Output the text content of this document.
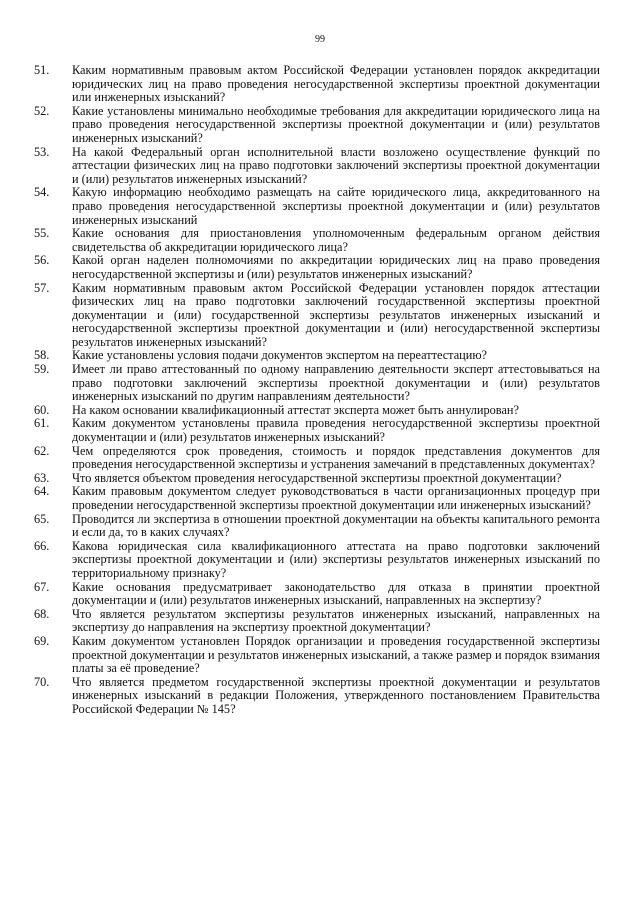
99
51.	Каким нормативным правовым актом Российской Федерации установлен порядок аккредитации юридических лиц на право проведения негосударственной экспертизы проектной документации или инженерных изысканий?
52.	Какие установлены минимально необходимые требования для аккредитации юридического лица на право проведения негосударственной экспертизы проектной документации и (или) результатов инженерных изысканий?
53.	На какой Федеральный орган исполнительной власти возложено осуществление функций по аттестации физических лиц на право подготовки заключений экспертизы проектной документации и (или) результатов инженерных изысканий?
54.	Какую информацию необходимо размещать на сайте юридического лица, аккредитованного на право проведения негосударственной экспертизы проектной документации и (или) результатов инженерных изысканий
55.	Какие основания для приостановления уполномоченным федеральным органом действия свидетельства об аккредитации юридического лица?
56.	Какой орган наделен полномочиями по аккредитации юридических лиц на право проведения негосударственной экспертизы и (или) результатов инженерных изысканий?
57.	Каким нормативным правовым актом Российской Федерации установлен порядок аттестации физических лиц на право подготовки заключений государственной экспертизы проектной документации и (или) государственной экспертизы результатов инженерных изысканий и негосударственной экспертизы проектной документации и (или) негосударственной экспертизы результатов инженерных изысканий?
58.	Какие установлены условия подачи документов экспертом на переаттестацию?
59.	Имеет ли право аттестованный по одному направлению деятельности эксперт аттестовываться на право подготовки заключений экспертизы проектной документации и (или) результатов инженерных изысканий по другим направлениям деятельности?
60.	На каком основании квалификационный аттестат эксперта может быть аннулирован?
61.	Каким документом установлены правила проведения негосударственной экспертизы проектной документации и (или) результатов инженерных изысканий?
62.	Чем определяются срок проведения, стоимость и порядок представления документов для проведения негосударственной экспертизы и устранения замечаний в представленных документах?
63.	Что является объектом проведения негосударственной экспертизы проектной документации?
64.	Каким правовым документом следует руководствоваться в части организационных процедур при проведении негосударственной экспертизы проектной документации или инженерных изысканий?
65.	Проводится ли экспертиза в отношении проектной документации на объекты капитального ремонта и если да, то в каких случаях?
66.	Какова юридическая сила квалификационного аттестата на право подготовки заключений экспертизы проектной документации и (или) экспертизы результатов инженерных изысканий по территориальному признаку?
67.	Какие основания предусматривает законодательство для отказа в принятии проектной документации и (или) результатов инженерных изысканий, направленных на экспертизу?
68.	Что является результатом экспертизы результатов инженерных изысканий, направленных на экспертизу до направления на экспертизу проектной документации?
69.	Каким документом установлен Порядок организации и проведения государственной экспертизы проектной документации и результатов инженерных изысканий, а также размер и порядок взимания платы за её проведение?
70.	Что является предметом государственной экспертизы проектной документации и результатов инженерных изысканий в редакции Положения, утвержденного постановлением Правительства Российской Федерации № 145?
